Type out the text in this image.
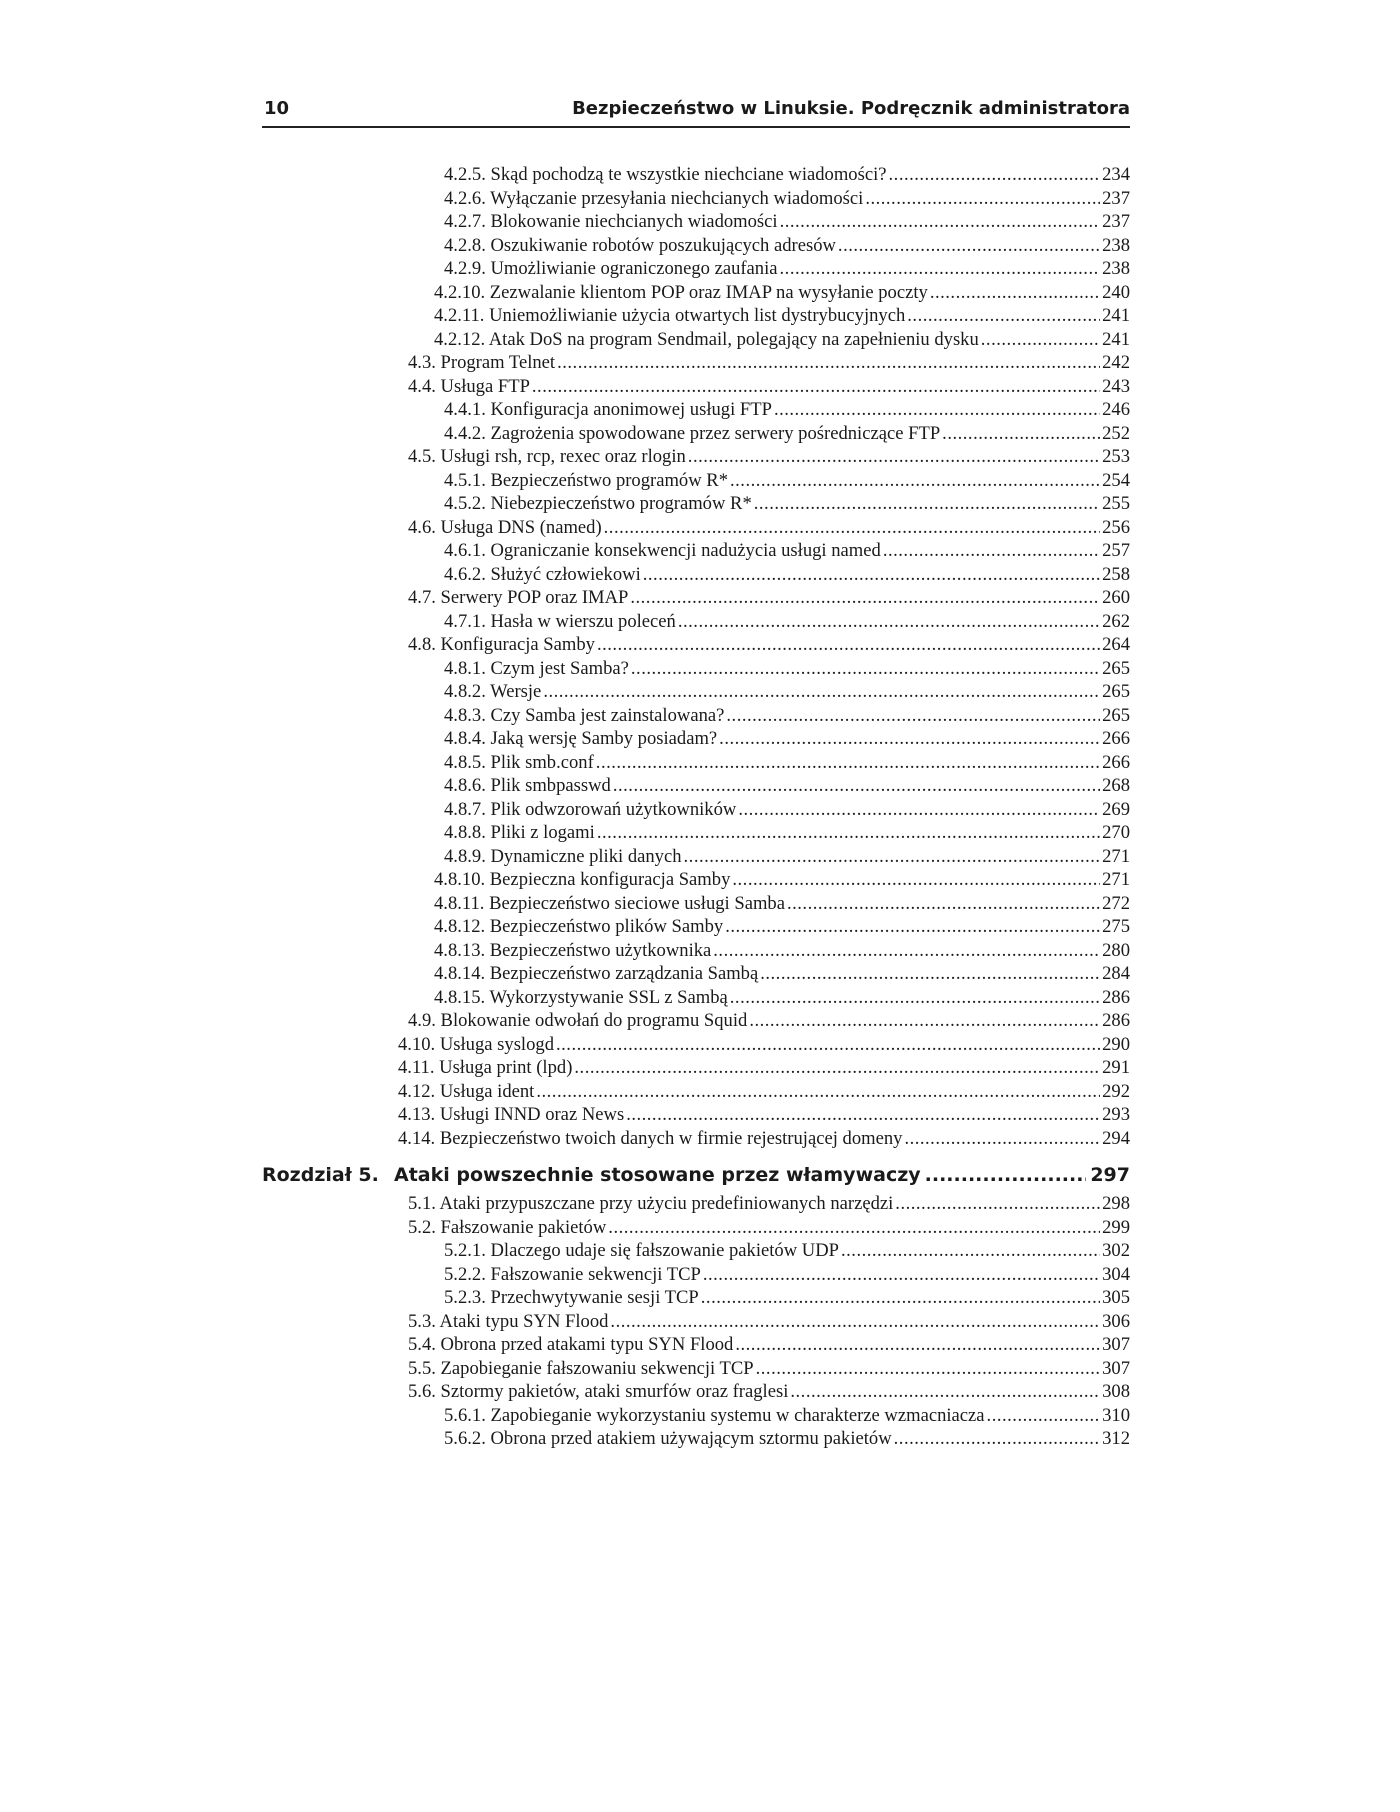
10	Bezpieczeństwo w Linuksie. Podręcznik administratora
4.2.5. Skąd pochodzą te wszystkie niechciane wiadomości? .....	234
4.2.6. Wyłączanie przesyłania niechcianych wiadomości .....	237
4.2.7. Blokowanie niechcianych wiadomości .....	237
4.2.8. Oszukiwanie robotów poszukujących adresów .....	238
4.2.9. Umożliwianie ograniczonego zaufania .....	238
4.2.10. Zezwalanie klientom POP oraz IMAP na wysyłanie poczty .....	240
4.2.11. Uniemożliwianie użycia otwartych list dystrybucyjnych .....	241
4.2.12. Atak DoS na program Sendmail, polegający na zapełnieniu dysku .....	241
4.3. Program Telnet .....	242
4.4. Usługa FTP .....	243
4.4.1. Konfiguracja anonimowej usługi FTP .....	246
4.4.2. Zagrożenia spowodowane przez serwery pośredniczące FTP .....	252
4.5. Usługi rsh, rcp, rexec oraz rlogin .....	253
4.5.1. Bezpieczeństwo programów R* .....	254
4.5.2. Niebezpieczeństwo programów R* .....	255
4.6. Usługa DNS (named) .....	256
4.6.1. Ograniczanie konsekwencji nadużycia usługi named .....	257
4.6.2. Służyć człowiekowi .....	258
4.7. Serwery POP oraz IMAP .....	260
4.7.1. Hasła w wierszu poleceń .....	262
4.8. Konfiguracja Samby .....	264
4.8.1. Czym jest Samba? .....	265
4.8.2. Wersje .....	265
4.8.3. Czy Samba jest zainstalowana? .....	265
4.8.4. Jaką wersję Samby posiadam? .....	266
4.8.5. Plik smb.conf .....	266
4.8.6. Plik smbpasswd .....	268
4.8.7. Plik odwzorowań użytkowników .....	269
4.8.8. Pliki z logami .....	270
4.8.9. Dynamiczne pliki danych .....	271
4.8.10. Bezpieczna konfiguracja Samby .....	271
4.8.11. Bezpieczeństwo sieciowe usługi Samba .....	272
4.8.12. Bezpieczeństwo plików Samby .....	275
4.8.13. Bezpieczeństwo użytkownika .....	280
4.8.14. Bezpieczeństwo zarządzania Sambą .....	284
4.8.15. Wykorzystywanie SSL z Sambą .....	286
4.9. Blokowanie odwołań do programu Squid .....	286
4.10. Usługa syslogd .....	290
4.11. Usługa print (lpd) .....	291
4.12. Usługa ident .....	292
4.13. Usługi INND oraz News .....	293
4.14. Bezpieczeństwo twoich danych w firmie rejestrującej domeny .....	294
Rozdział 5. Ataki powszechnie stosowane przez włamywaczy .....	297
5.1. Ataki przypuszczane przy użyciu predefiniowanych narzędzi .....	298
5.2. Fałszowanie pakietów .....	299
5.2.1. Dlaczego udaje się fałszowanie pakietów UDP .....	302
5.2.2. Fałszowanie sekwencji TCP .....	304
5.2.3. Przechwytywanie sesji TCP .....	305
5.3. Ataki typu SYN Flood .....	306
5.4. Obrona przed atakami typu SYN Flood .....	307
5.5. Zapobieganie fałszowaniu sekwencji TCP .....	307
5.6. Sztormy pakietów, ataki smurfów oraz fraglesi .....	308
5.6.1. Zapobieganie wykorzystaniu systemu w charakterze wzmacniacza .....	310
5.6.2. Obrona przed atakiem używającym sztormu pakietów .....	312
